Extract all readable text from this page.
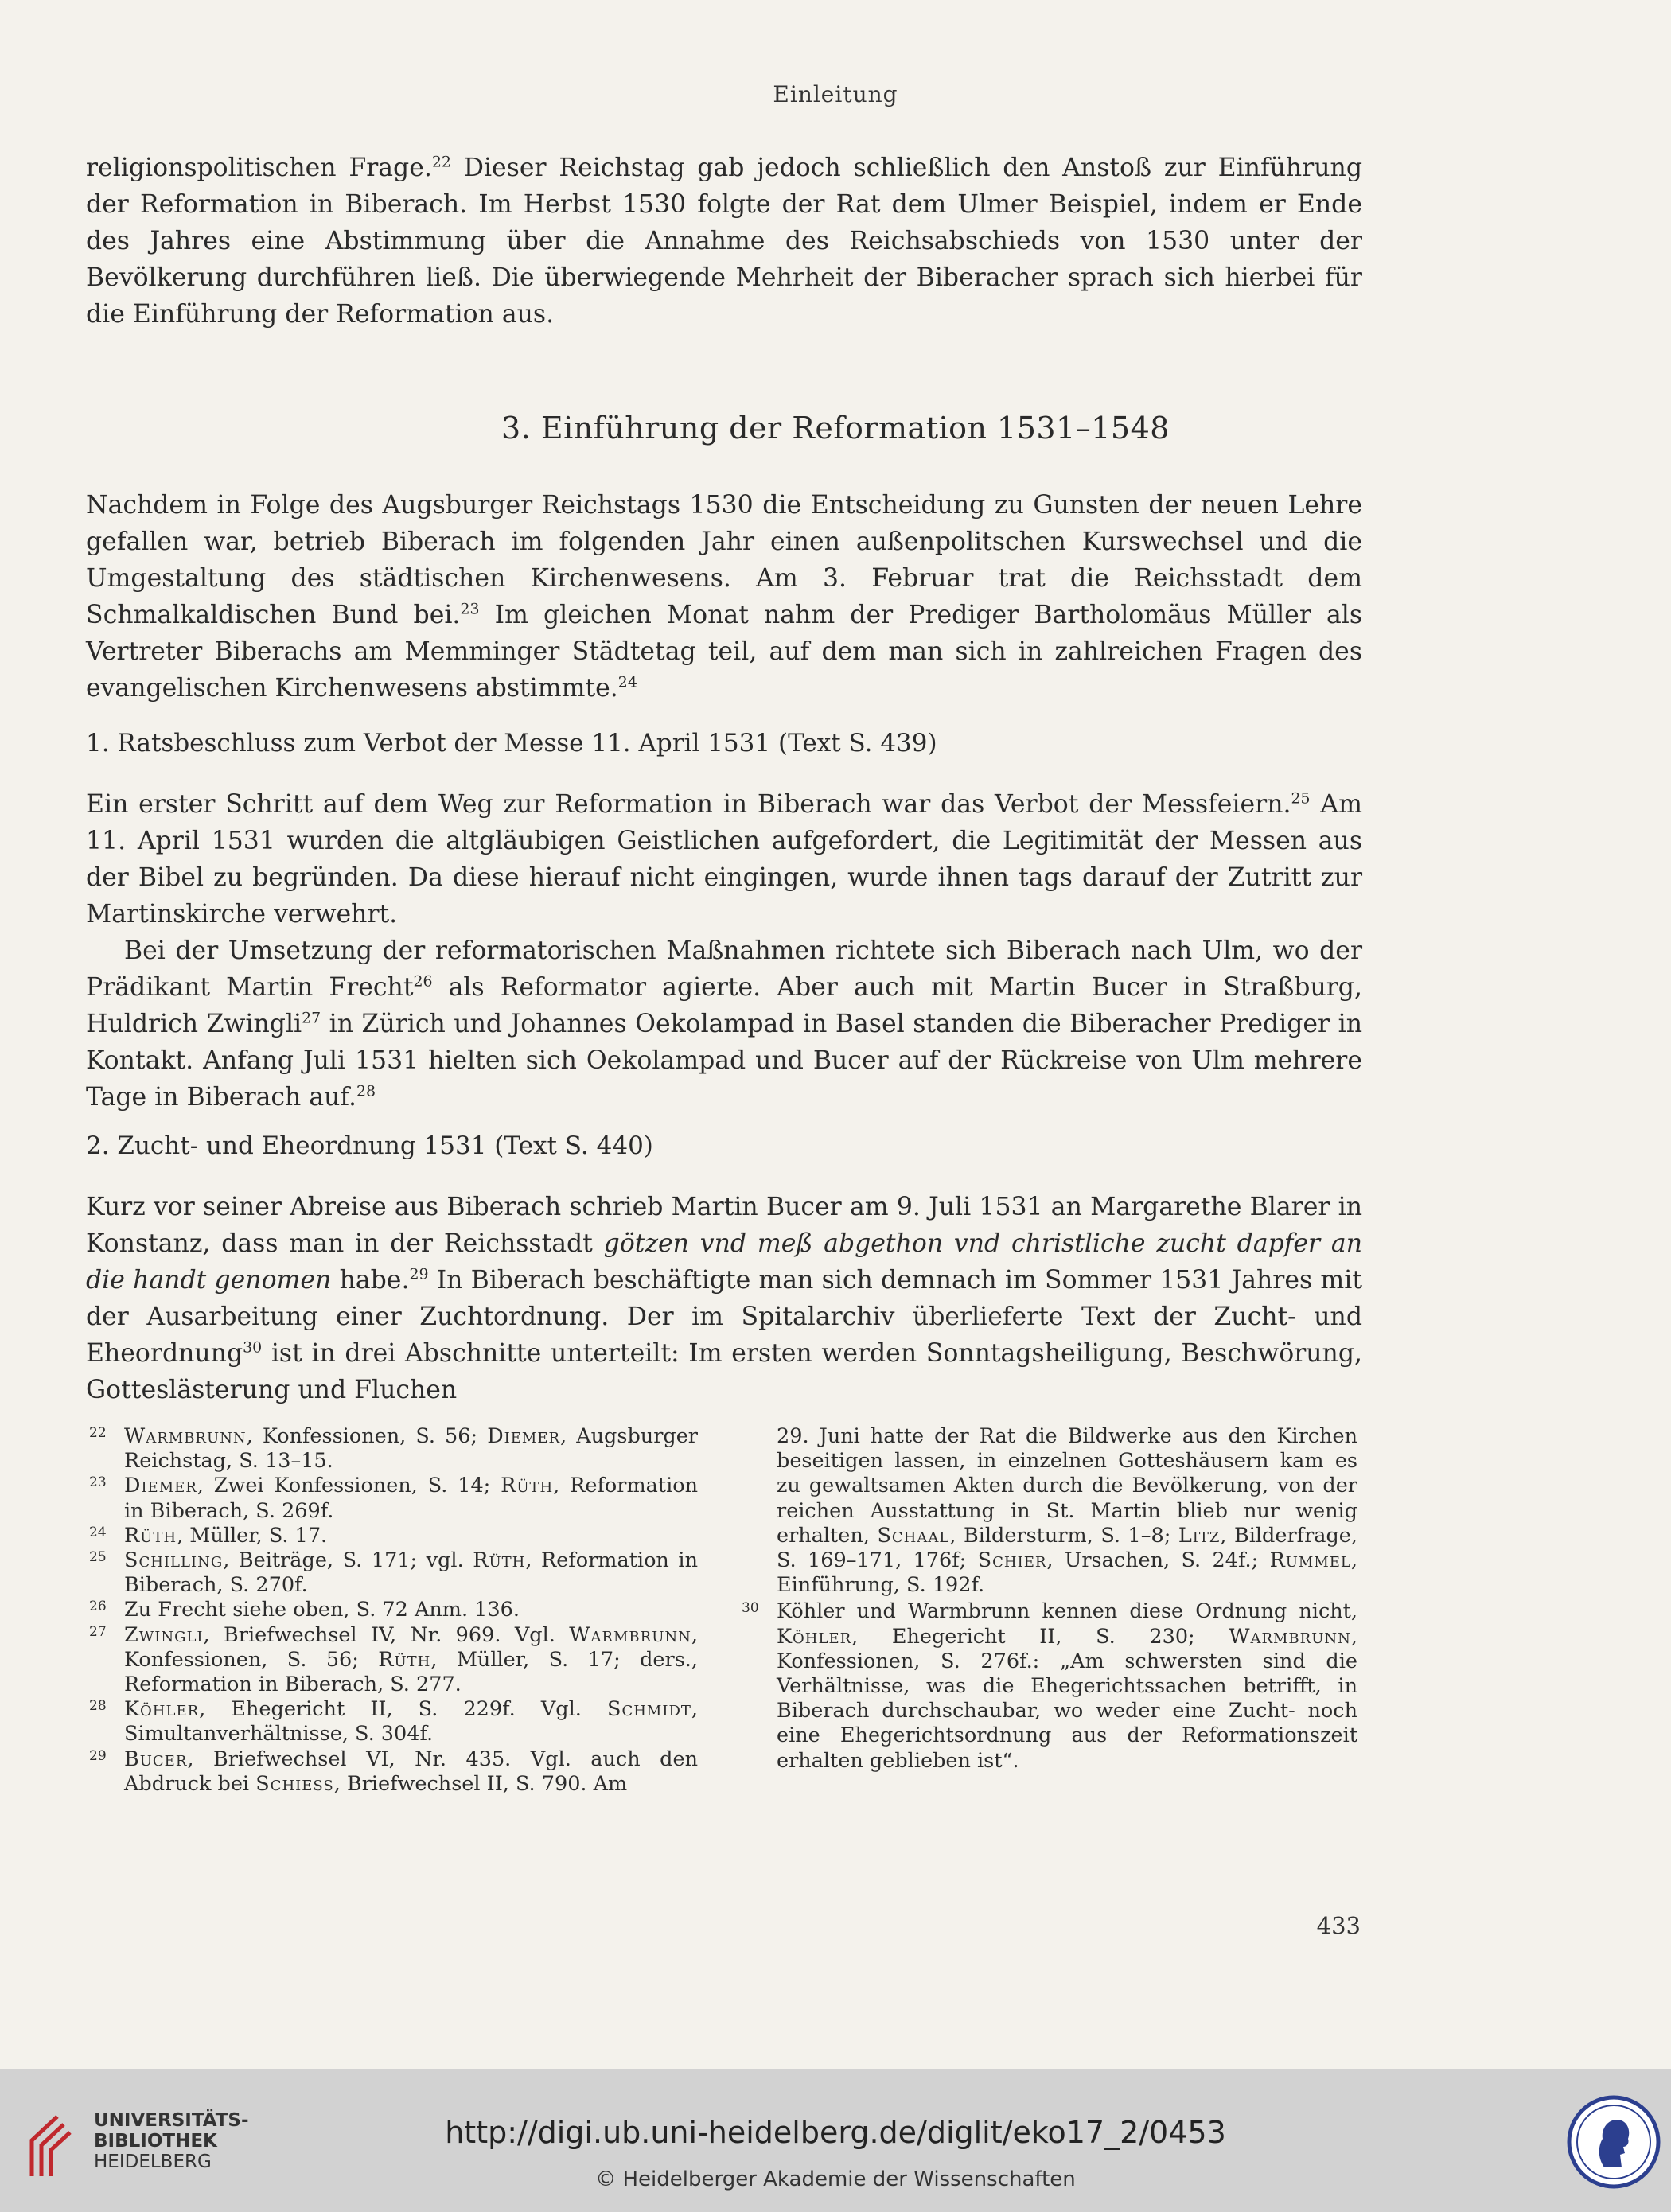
Einleitung

religionspolitischen Frage.$^{22}$ Dieser Reichstag gab jedoch schließlich den Anstoß zur Einführung der Reformation in Biberach. Im Herbst 1530 folgte der Rat dem Ulmer Beispiel, indem er Ende des Jahres eine Abstimmung über die Annahme des Reichsabschieds von 1530 unter der Bevölkerung durchführen ließ. Die überwiegende Mehrheit der Biberacher sprach sich hierbei für die Einführung der Reformation aus.

3. Einführung der Reformation 1531–1548

Nachdem in Folge des Augsburger Reichstags 1530 die Entscheidung zu Gunsten der neuen Lehre gefallen war, betrieb Biberach im folgenden Jahr einen außenpolitschen Kurswechsel und die Umgestaltung des städtischen Kirchenwesens. Am 3. Februar trat die Reichsstadt dem Schmalkaldischen Bund bei.$^{23}$ Im gleichen Monat nahm der Prediger Bartholomäus Müller als Vertreter Biberachs am Memminger Städtetag teil, auf dem man sich in zahlreichen Fragen des evangelischen Kirchenwesens abstimmte.$^{24}$

1. Ratsbeschluss zum Verbot der Messe 11. April 1531 (Text S. 439)

Ein erster Schritt auf dem Weg zur Reformation in Biberach war das Verbot der Messfeiern.$^{25}$ Am 11. April 1531 wurden die altgläubigen Geistlichen aufgefordert, die Legitimität der Messen aus der Bibel zu begründen. Da diese hierauf nicht eingingen, wurde ihnen tags darauf der Zutritt zur Martinskirche verwehrt.

Bei der Umsetzung der reformatorischen Maßnahmen richtete sich Biberach nach Ulm, wo der Prädikant Martin Frecht$^{26}$ als Reformator agierte. Aber auch mit Martin Bucer in Straßburg, Huldrich Zwingli$^{27}$ in Zürich und Johannes Oekolampad in Basel standen die Biberacher Prediger in Kontakt. Anfang Juli 1531 hielten sich Oekolampad und Bucer auf der Rückreise von Ulm mehrere Tage in Biberach auf.$^{28}$

2. Zucht- und Eheordnung 1531 (Text S. 440)

Kurz vor seiner Abreise aus Biberach schrieb Martin Bucer am 9. Juli 1531 an Margarethe Blarer in Konstanz, dass man in der Reichsstadt götzen vnd meß abgethon vnd christliche zucht dapfer an die handt genomen habe.$^{29}$ In Biberach beschäftigte man sich demnach im Sommer 1531 Jahres mit der Ausarbeitung einer Zuchtordnung. Der im Spitalarchiv überlieferte Text der Zucht- und Eheordnung$^{30}$ ist in drei Abschnitte unterteilt: Im ersten werden Sonntagsheiligung, Beschwörung, Gotteslästerung und Fluchen

22 Warmbrunn, Konfessionen, S. 56; Diemer, Augsburger Reichstag, S. 13–15.
23 Diemer, Zwei Konfessionen, S. 14; Rüth, Reformation in Biberach, S. 269f.
24 Rüth, Müller, S. 17.
25 Schilling, Beiträge, S. 171; vgl. Rüth, Reformation in Biberach, S. 270f.
26 Zu Frecht siehe oben, S. 72 Anm. 136.
27 Zwingli, Briefwechsel IV, Nr. 969. Vgl. Warmbrunn, Konfessionen, S. 56; Rüth, Müller, S. 17; ders., Reformation in Biberach, S. 277.
28 Köhler, Ehegericht II, S. 229f. Vgl. Schmidt, Simultanverhältnisse, S. 304f.
29 Bucer, Briefwechsel VI, Nr. 435. Vgl. auch den Abdruck bei Schiess, Briefwechsel II, S. 790. Am
29. Juni hatte der Rat die Bildwerke aus den Kirchen beseitigen lassen, in einzelnen Gotteshäusern kam es zu gewaltsamen Akten durch die Bevölkerung, von der reichen Ausstattung in St. Martin blieb nur wenig erhalten, Schaal, Bildersturm, S. 1–8; Litz, Bilderfrage, S. 169–171, 176f; Schier, Ursachen, S. 24f.; Rummel, Einführung, S. 192f.
30 Köhler und Warmbrunn kennen diese Ordnung nicht, Köhler, Ehegericht II, S. 230; Warmbrunn, Konfessionen, S. 276f.: „Am schwersten sind die Verhältnisse, was die Ehegerichtssachen betrifft, in Biberach durchschaubar, wo weder eine Zucht- noch eine Ehegerichtsordnung aus der Reformationszeit erhalten geblieben ist“.
433
UNIVERSITÄTS-
BIBLIOTHEK
HEIDELBERG
http://digi.ub.uni-heidelberg.de/diglit/eko17_2/0453
© Heidelberger Akademie der Wissenschaften
